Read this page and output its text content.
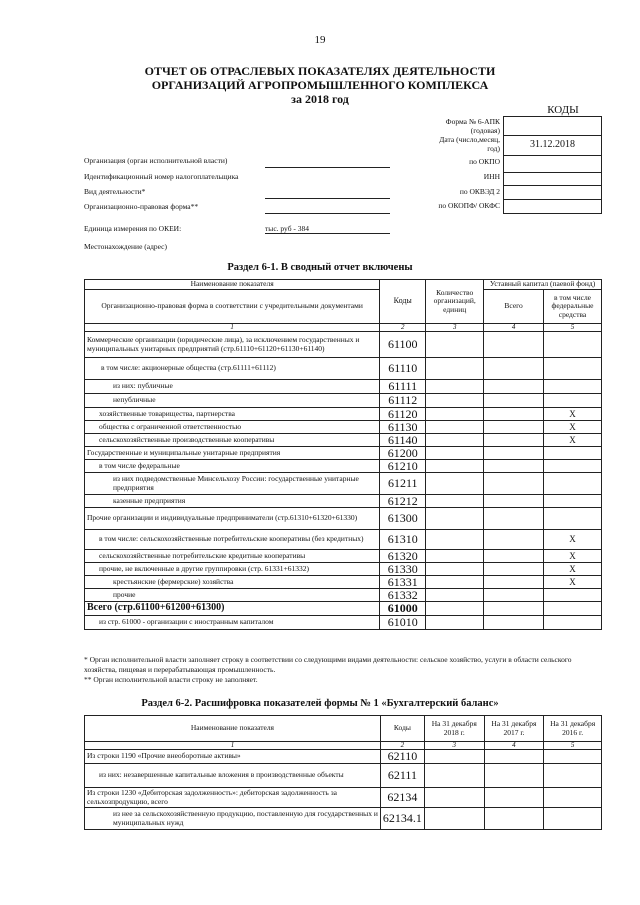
19
ОТЧЕТ ОБ ОТРАСЛЕВЫХ ПОКАЗАТЕЛЯХ ДЕЯТЕЛЬНОСТИ
ОРГАНИЗАЦИЙ АГРОПРОМЫШЛЕННОГО КОМПЛЕКСА
за 2018 год
КОДЫ
31.12.2018
Форма № 6-АПК
(годовая)
Дата (число,месяц,
год)
по ОКПО
ИНН
по ОКВЭД 2
по ОКОПФ/ ОКФС
Организация (орган исполнительной власти)
Идентификационный номер налогоплательщика
Вид деятельности*
Организационно-правовая форма**
Единица измерения по ОКЕИ:	тыс. руб - 384
Местонахождение (адрес)
Раздел 6-1. В сводный отчет включены
Наименование показателя	Коды	Количество организаций, единиц	Уставный капитал (паевой фонд)	
Организационно-правовая форма в соответствии с учредительными документами			Всего	в том числе федеральные средства
1	2	3	4	5
Коммерческие организации (юридические лица), за исключением государственных и муниципальных унитарных предприятий (стр.61110+61120+61130+61140)	61100			
в том числе: акционерные общества (стр.61111+61112)	61110			
из них: публичные	61111			
непубличные	61112			
хозяйственные товарищества, партнерства	61120			X
общества с ограниченной ответственностью	61130			X
сельскохозяйственные производственные кооперативы	61140			X
Государственные и муниципальные унитарные предприятия	61200			
в том числе федеральные	61210			
из них подведомственные Минсельхозу России: государственные унитарные предприятия	61211			
казенные предприятия	61212			
Прочие организации и индивидуальные предприниматели (стр.61310+61320+61330)	61300			
в том числе: сельскохозяйственные потребительские кооперативы (без кредитных)	61310			X
сельскохозяйственные потребительские кредитные кооперативы	61320			X
прочие, не включенные в другие группировки (стр. 61331+61332)	61330			X
крестьянские (фермерские) хозяйства	61331			X
прочие	61332			
Всего (стр.61100+61200+61300)	61000			
из стр. 61000 - организации с иностранным капиталом	61010			
* Орган исполнительной власти заполняет строку в соответствии со следующими видами деятельности: сельское хозяйство, услуги в области сельского хозяйства, пищевая и перерабатывающая промышленность.
** Орган исполнительной власти строку не заполняет.
Раздел 6-2. Расшифровка показателей формы № 1 «Бухгалтерский баланс»
Наименование показателя	Коды	На 31 декабря 2018 г.	На 31 декабря 2017 г.	На 31 декабря 2016 г.
1	2	3	4	5
Из строки 1190 «Прочие внеоборотные активы»	62110			
из них: незавершенные капитальные вложения в производственные объекты	62111			
Из строки 1230 «Дебиторская задолженность»: дебиторская задолженность за сельхозпродукцию, всего	62134			
из нее за сельскохозяйственную продукцию, поставленную для государственных и муниципальных нужд	62134.1			
